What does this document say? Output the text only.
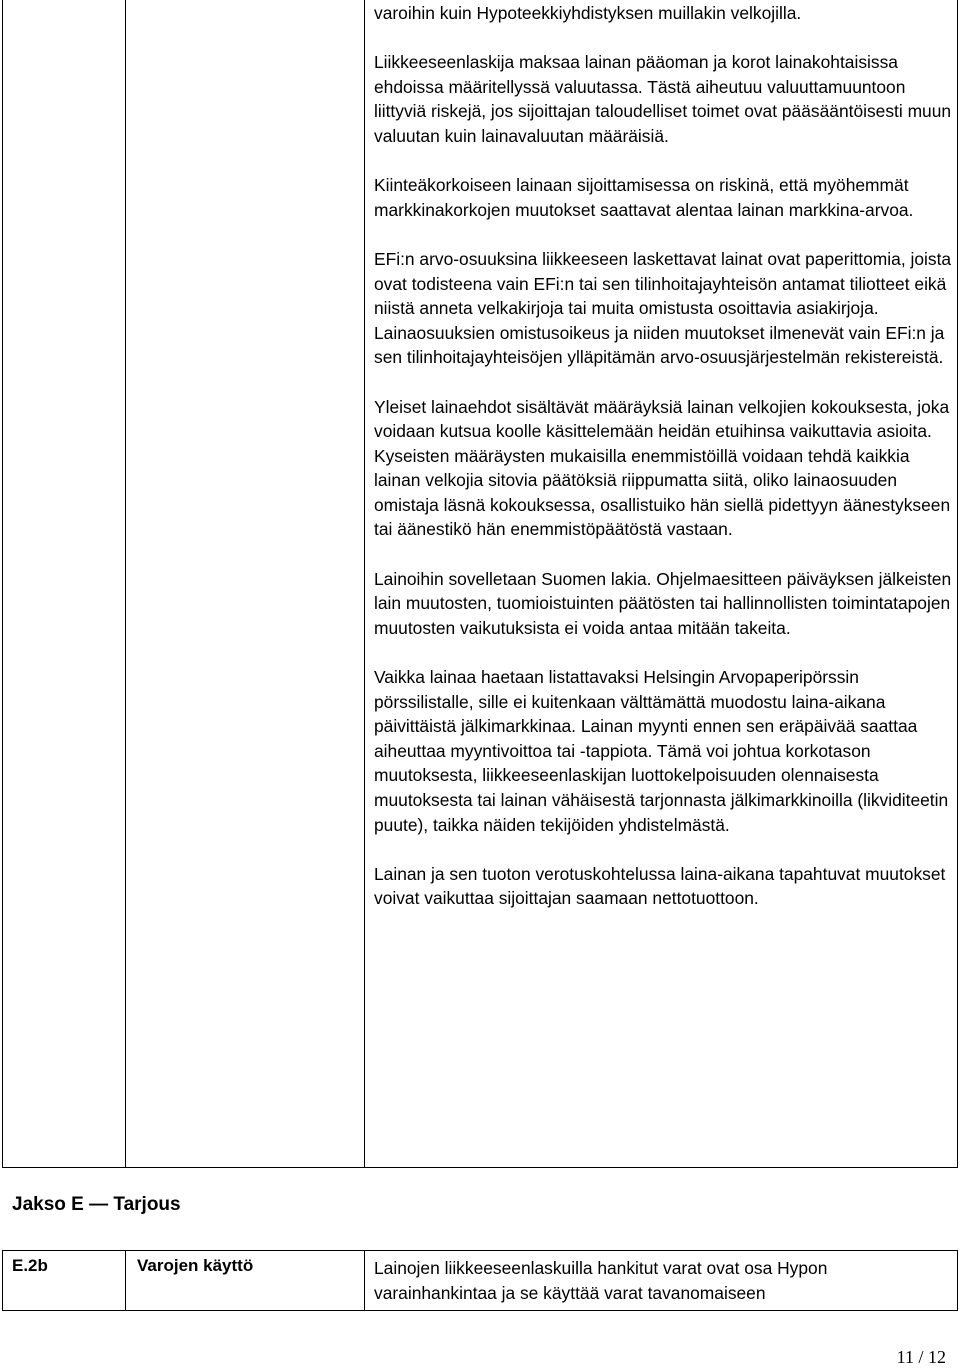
varoihin kuin Hypoteekkiyhdistyksen muillakin velkojilla.

Liikkeeseenlaskija maksaa lainan pääoman ja korot lainakohtaisissa ehdoissa määritellyssä valuutassa. Tästä aiheutuu valuuttamuuntoon liittyviä riskejä, jos sijoittajan taloudelliset toimet ovat pääsääntöisesti muun valuutan kuin lainavaluutan määräisiä.

Kiinteäkorkoiseen lainaan sijoittamisessa on riskinä, että myöhemmät markkinakorkojen muutokset saattavat alentaa lainan markkina-arvoa.

EFi:n arvo-osuuksina liikkeeseen laskettavat lainat ovat paperittomia, joista ovat todisteena vain EFi:n tai sen tilinhoitajayhteisön antamat tiliotteet eikä niistä anneta velkakirjoja tai muita omistusta osoittavia asiakirjoja. Lainaosuuksien omistusoikeus ja niiden muutokset ilmenevät vain EFi:n ja sen tilinhoitajayhteisöjen ylläpitämän arvo-osuusjärjestelmän rekistereistä.

Yleiset lainaehdot sisältävät määräyksiä lainan velkojien kokouksesta, joka voidaan kutsua koolle käsittelemään heidän etuihinsa vaikuttavia asioita. Kyseisten määräysten mukaisilla enemmistöillä voidaan tehdä kaikkia lainan velkojia sitovia päätöksiä riippumatta siitä, oliko lainaosuuden omistaja läsnä kokouksessa, osallistuiko hän siellä pidettyyn äänestykseen tai äänestikö hän enemmistöpäätöstä vastaan.

Lainoihin sovelletaan Suomen lakia. Ohjelmaesitteen päiväyksen jälkeisten lain muutosten, tuomioistuinten päätösten tai hallinnollisten toimintatapojen muutosten vaikutuksista ei voida antaa mitään takeita.

Vaikka lainaa haetaan listattavaksi Helsingin Arvopaperipörssin pörssilistalle, sille ei kuitenkaan välttämättä muodostu laina-aikana päivittäistä jälkimarkkinaa. Lainan myynti ennen sen eräpäivää saattaa aiheuttaa myyntivoittoa tai -tappiota. Tämä voi johtua korkotason muutoksesta, liikkeeseenlaskijan luottokelpoisuuden olennaisesta muutoksesta tai lainan vähäisestä tarjonnasta jälkimarkkinoilla (likviditeetin puute), taikka näiden tekijöiden yhdistelmästä.

Lainan ja sen tuoton verotuskohtelussa laina-aikana tapahtuvat muutokset voivat vaikuttaa sijoittajan saamaan nettotuottoon.

Jakso E — Tarjous
E.2b	Varojen käyttö	Lainojen liikkeeseenlaskuilla hankitut varat ovat osa Hypon varainhankintaa ja se käyttää varat tavanomaiseen
11 / 12
